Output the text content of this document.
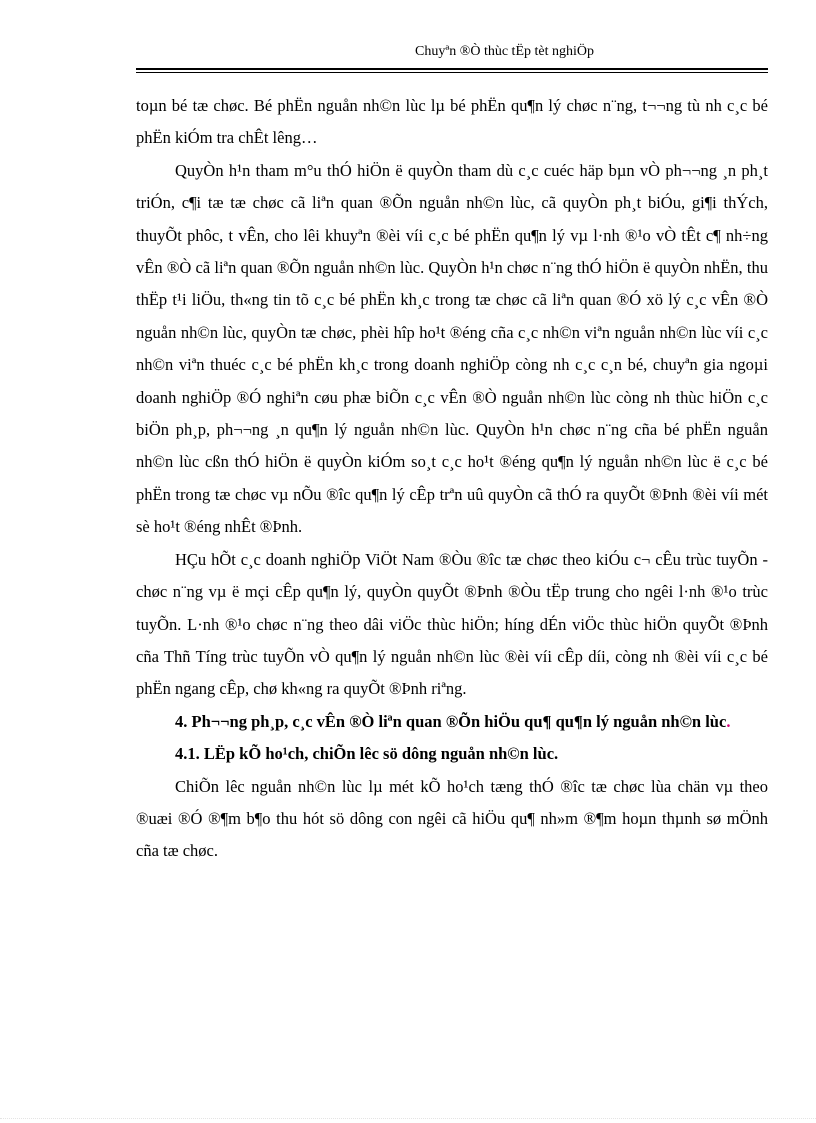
Chuyªn ®Ò thùc tËp tèt nghiÖp

toµn bé tæ chøc. Bé phËn nguån nh©n lùc lµ bé phËn qu¶n lý chøc n¨ng, t¬¬ng tù nh c¸c bé phËn kiÓm tra chÊt lêng…

QuyÒn h¹n tham m°u thÓ hiÖn ë quyÒn tham dù c¸c cuéc häp bµn vÒ ph¬¬ng ¸n ph¸t triÓn, c¶i tæ tæ chøc cã liªn quan ®Õn nguån nh©n lùc, cã quyÒn ph¸t biÓu, gi¶i thÝch, thuyÕt phôc, t vÊn, cho lêi khuyªn ®èi víi c¸c bé phËn qu¶n lý vµ l·nh ®¹o vÒ tÊt c¶ nh÷ng vÊn ®Ò cã liªn quan ®Õn nguån nh©n lùc. QuyÒn h¹n chøc n¨ng thÓ hiÖn ë quyÒn nhËn, thu thËp t¹i liÖu, th«ng tin tõ c¸c bé phËn kh¸c trong tæ chøc cã liªn quan ®Ó xö lý c¸c vÊn ®Ò nguån nh©n lùc, quyÒn tæ chøc, phèi hîp ho¹t ®éng cña c¸c nh©n viªn nguån nh©n lùc víi c¸c nh©n viªn thuéc c¸c bé phËn kh¸c trong doanh nghiÖp còng nh c¸c c¸n bé, chuyªn gia ngoµi doanh nghiÖp ®Ó nghiªn cøu phæ biÕn c¸c vÊn ®Ò nguån nh©n lùc còng nh thùc hiÖn c¸c biÖn ph¸p, ph¬¬ng ¸n qu¶n lý nguån nh©n lùc. QuyÒn h¹n chøc n¨ng cña bé phËn nguån nh©n lùc cßn thÓ hiÖn ë quyÒn kiÓm so¸t c¸c ho¹t ®éng qu¶n lý nguån nh©n lùc ë c¸c bé phËn trong tæ chøc vµ nÕu ®îc qu¶n lý cÊp trªn uû quyÒn cã thÓ ra quyÕt ®Þnh ®èi víi mét sè ho¹t ®éng nhÊt ®Þnh.

HÇu hÕt c¸c doanh nghiÖp ViÖt Nam ®Òu ®îc tæ chøc theo kiÓu c¬ cÊu trùc tuyÕn - chøc n¨ng vµ ë mçi cÊp qu¶n lý, quyÒn quyÕt ®Þnh ®Òu tËp trung cho ngêi l·nh ®¹o trùc tuyÕn. L·nh ®¹o chøc n¨ng theo dâi viÖc thùc hiÖn; híng dÉn viÖc thùc hiÖn quyÕt ®Þnh cña Thñ Tíng trùc tuyÕn vÒ qu¶n lý nguån nh©n lùc ®èi víi cÊp díi, còng nh ®èi víi c¸c bé phËn ngang cÊp, chø kh«ng ra quyÕt ®Þnh riªng.

4. Ph¬¬ng ph¸p, c¸c vÊn ®Ò liªn quan ®Õn hiÖu qu¶ qu¶n lý nguån nh©n lùc.

4.1. LËp kÕ ho¹ch, chiÕn lêc sö dông nguån nh©n lùc.

ChiÕn lêc nguån nh©n lùc lµ mét kÕ ho¹ch tæng thÓ ®îc tæ chøc lùa chän vµ theo ®uæi ®Ó ®¶m b¶o thu hót sö dông con ngêi cã hiÖu qu¶ nh»m ®¶m hoµn thµnh sø mÖnh cña tæ chøc.
